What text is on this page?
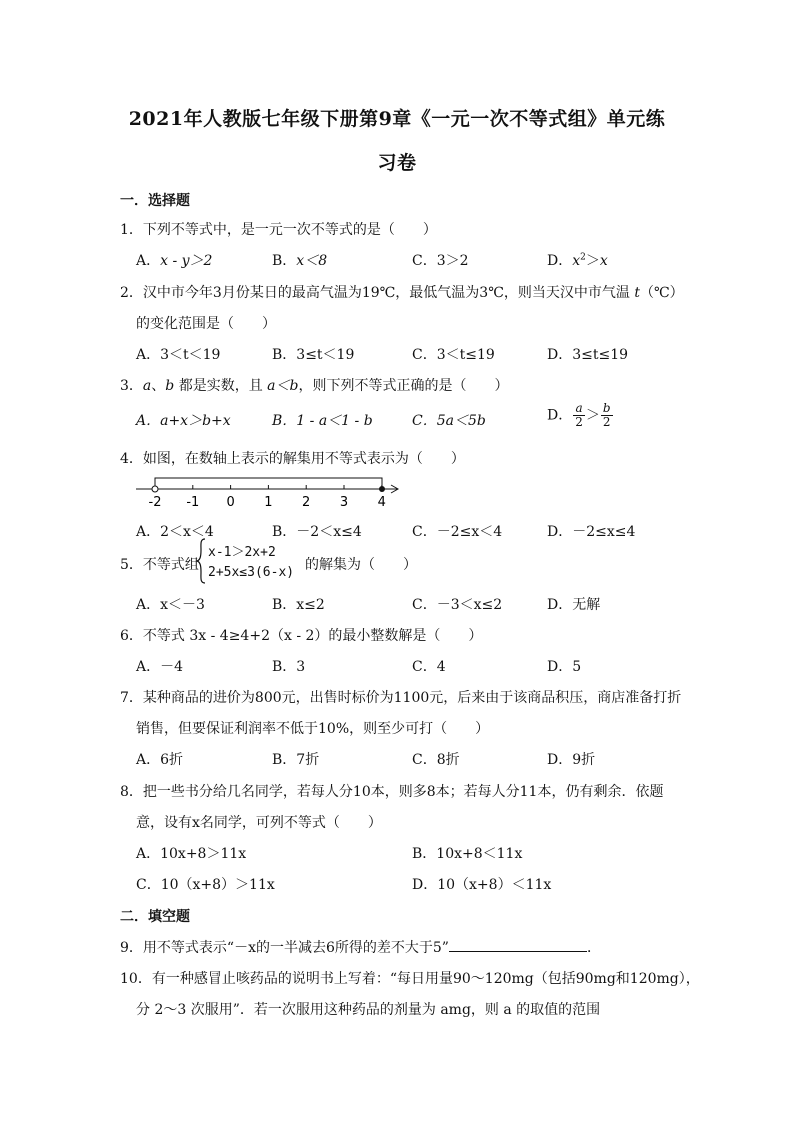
2021年人教版七年级下册第9章《一元一次不等式组》单元练
习卷
一．选择题
1．下列不等式中，是一元一次不等式的是（　　）
A．x - y＞2	B．x＜8	C．3＞2	D．$x^2>x$
2．汉中市今年3月份某日的最高气温为19℃，最低气温为3℃，则当天汉中市气温 t（℃）
的变化范围是（　　）
A．3＜t＜19	B．3≤t＜19	C．3＜t≤19	D．3≤t≤19
3．a、b 都是实数，且 a＜b，则下列不等式正确的是（　　）
A．a+x＞b+x	B．1 - a＜1 - b	C．5a＜5b	D． $\frac{a}{2} > \frac{b}{2}$
4．如图，在数轴上表示的解集用不等式表示为（　　）
-2 -1 0 1 2 3 4
A．2＜x＜4	B．－2＜x≤4	C．－2≤x＜4	D．－2≤x≤4
5．不等式组
x-1＞2x+2
2+5x≤3(6-x) 的解集为（　　）
A．x＜－3	B．x≤2	C．－3＜x≤2	D．无解
6．不等式 3x - 4≥4+2（x - 2）的最小整数解是（　　）
A．－4	B．3	C．4	D．5
7．某种商品的进价为800元，出售时标价为1100元，后来由于该商品积压，商店准备打折
销售，但要保证利润率不低于10%，则至少可打（　　）
A．6折	B．7折	C．8折	D．9折
8．把一些书分给几名同学，若每人分10本，则多8本；若每人分11本，仍有剩余．依题
意，设有x名同学，可列不等式（　　）
A．10x+8＞11x	B．10x+8＜11x
C．10（x+8）＞11x	D．10（x+8）＜11x
二．填空题
9．用不等式表示“－x的一半减去6所得的差不大于5”	．
10．有一种感冒止咳药品的说明书上写着：“每日用量90～120mg（包括90mg和120mg），
分 2～3 次服用”．若一次服用这种药品的剂量为 amg，则 a 的取值的范围
